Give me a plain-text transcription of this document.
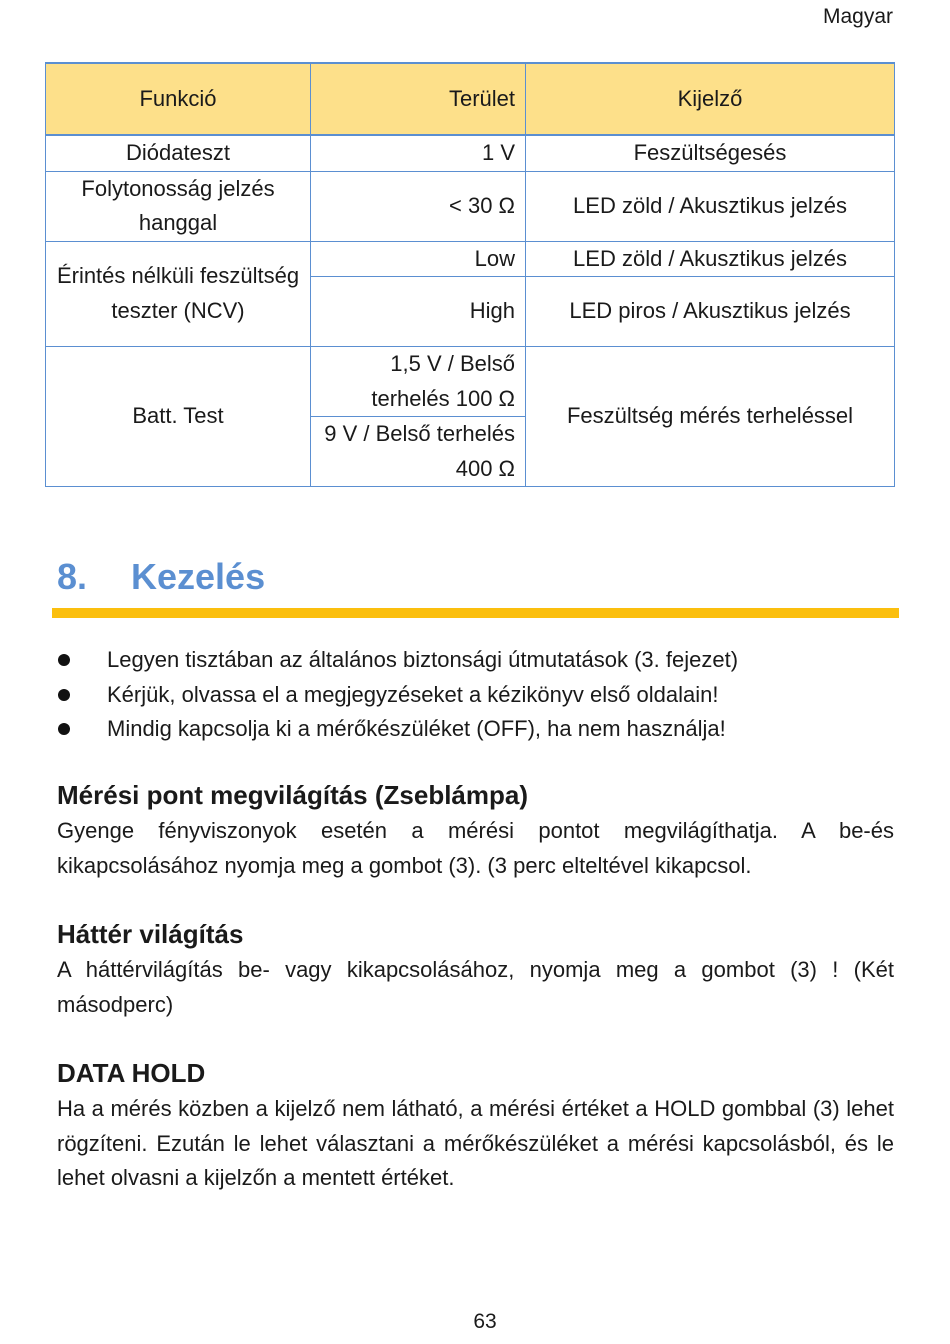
Magyar
Funkció	Terület	Kijelző
Diódateszt	1 V	Feszültségesés
Folytonosság jelzés hanggal	< 30 Ω	LED zöld / Akusztikus jelzés
Érintés nélküli feszültség teszter (NCV)	Low	LED zöld / Akusztikus jelzés
	High	LED piros / Akusztikus jelzés
Batt. Test	1,5 V / Belső terhelés 100 Ω	Feszültség mérés terheléssel
	9 V / Belső terhelés 400 Ω	
8. Kezelés
Legyen tisztában az általános biztonsági útmutatások (3. fejezet)
Kérjük, olvassa el a megjegyzéseket a kézikönyv első oldalain!
Mindig kapcsolja ki a mérőkészüléket (OFF), ha nem használja!
Mérési pont megvilágítás (Zseblámpa)

Gyenge fényviszonyok esetén a mérési pontot megvilágíthatja. A be-és kikapcsolásához nyomja meg a gombot (3). (3 perc elteltével kikapcsol.

Háttér világítás

A háttérvilágítás be- vagy kikapcsolásához, nyomja meg a gombot (3) ! (Két másodperc)

DATA HOLD

Ha a mérés közben a kijelző nem látható, a mérési értéket a HOLD gombbal (3) lehet rögzíteni. Ezután le lehet választani a mérőkészüléket a mérési kapcsolásból, és le lehet olvasni a kijelzőn a mentett értéket.

63
